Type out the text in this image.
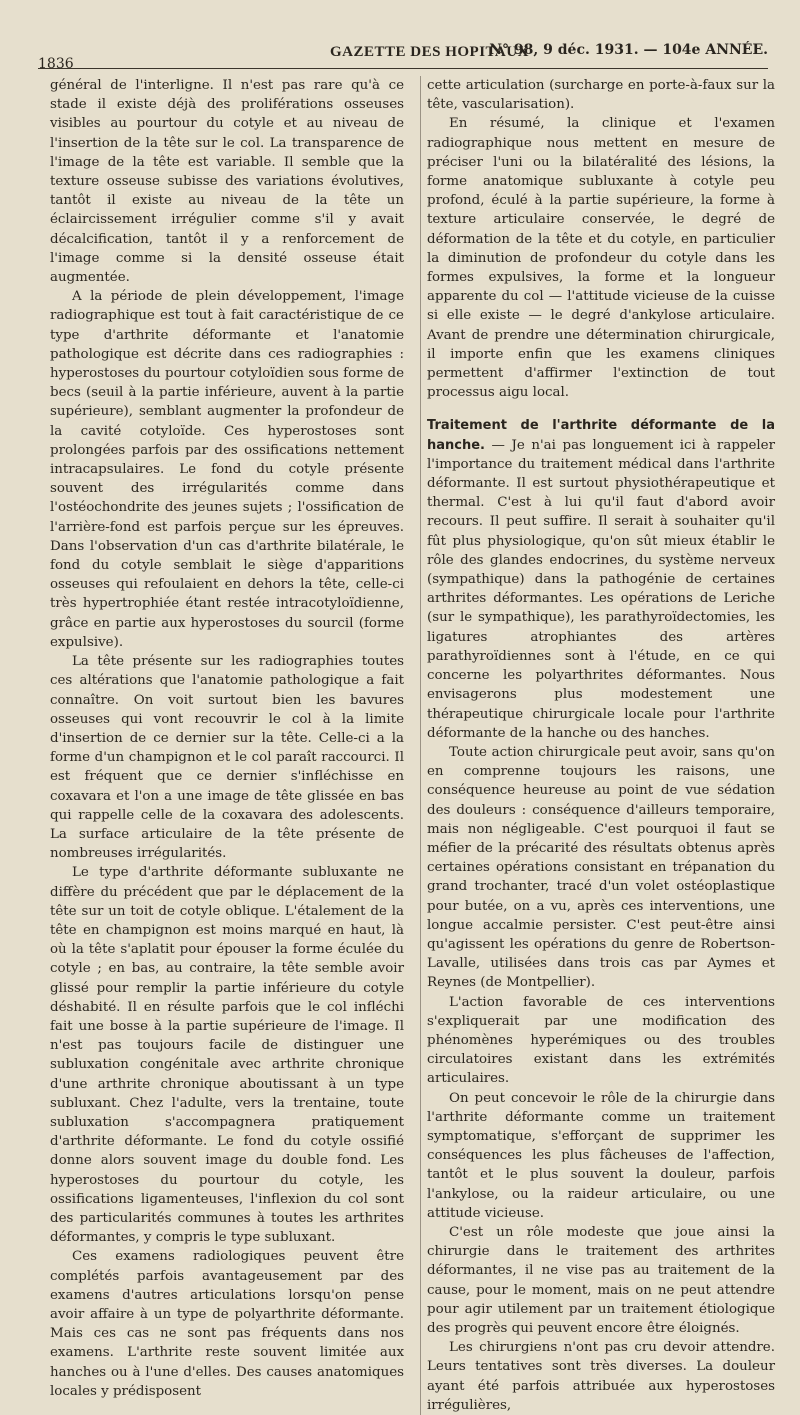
1836
GAZETTE DES HOPITAUX
N° 98, 9 déc. 1931. — 104e ANNÉE.

général de l'interligne. Il n'est pas rare qu'à ce stade il existe déjà des proliférations osseuses visibles au pourtour du cotyle et au niveau de l'insertion de la tête sur le col. La transparence de l'image de la tête est variable. Il semble que la texture osseuse subisse des variations évolutives, tantôt il existe au niveau de la tête un éclaircissement irrégulier comme s'il y avait décalcification, tantôt il y a renforcement de l'image comme si la densité osseuse était augmentée.

A la période de plein développement, l'image radiographique est tout à fait caractéristique de ce type d'arthrite déformante et l'anatomie pathologique est décrite dans ces radiographies : hyperostoses du pourtour cotyloïdien sous forme de becs (seuil à la partie inférieure, auvent à la partie supérieure), semblant augmenter la profondeur de la cavité cotyloïde. Ces hyperostoses sont prolongées parfois par des ossifications nettement intracapsulaires. Le fond du cotyle présente souvent des irrégularités comme dans l'ostéochondrite des jeunes sujets ; l'ossification de l'arrière-fond est parfois perçue sur les épreuves. Dans l'observation d'un cas d'arthrite bilatérale, le fond du cotyle semblait le siège d'apparitions osseuses qui refoulaient en dehors la tête, celle-ci très hypertrophiée étant restée intracotyloïdienne, grâce en partie aux hyperostoses du sourcil (forme expulsive).

La tête présente sur les radiographies toutes ces altérations que l'anatomie pathologique a fait connaître. On voit surtout bien les bavures osseuses qui vont recouvrir le col à la limite d'insertion de ce dernier sur la tête. Celle-ci a la forme d'un champignon et le col paraît raccourci. Il est fréquent que ce dernier s'infléchisse en coxavara et l'on a une image de tête glissée en bas qui rappelle celle de la coxavara des adolescents. La surface articulaire de la tête présente de nombreuses irrégularités.

Le type d'arthrite déformante subluxante ne diffère du précédent que par le déplacement de la tête sur un toit de cotyle oblique. L'étalement de la tête en champignon est moins marqué en haut, là où la tête s'aplatit pour épouser la forme éculée du cotyle ; en bas, au contraire, la tête semble avoir glissé pour remplir la partie inférieure du cotyle déshabité. Il en résulte parfois que le col infléchi fait une bosse à la partie supérieure de l'image. Il n'est pas toujours facile de distinguer une subluxation congénitale avec arthrite chronique d'une arthrite chronique aboutissant à un type subluxant. Chez l'adulte, vers la trentaine, toute subluxation s'accompagnera pratiquement d'arthrite déformante. Le fond du cotyle ossifié donne alors souvent image du double fond. Les hyperostoses du pourtour du cotyle, les ossifications ligamenteuses, l'inflexion du col sont des particularités communes à toutes les arthrites déformantes, y compris le type subluxant.

Ces examens radiologiques peuvent être complétés parfois avantageusement par des examens d'autres articulations lorsqu'on pense avoir affaire à un type de polyarthrite déformante. Mais ces cas ne sont pas fréquents dans nos examens. L'arthrite reste souvent limitée aux hanches ou à l'une d'elles. Des causes anatomiques locales y prédisposent

cette articulation (surcharge en porte-à-faux sur la tête, vascularisation).

En résumé, la clinique et l'examen radiographique nous mettent en mesure de préciser l'uni ou la bilatéralité des lésions, la forme anatomique subluxante à cotyle peu profond, éculé à la partie supérieure, la forme à texture articulaire conservée, le degré de déformation de la tête et du cotyle, en particulier la diminution de profondeur du cotyle dans les formes expulsives, la forme et la longueur apparente du col — l'attitude vicieuse de la cuisse si elle existe — le degré d'ankylose articulaire. Avant de prendre une détermination chirurgicale, il importe enfin que les examens cliniques permettent d'affirmer l'extinction de tout processus aigu local.

Traitement de l'arthrite déformante de la hanche. — Je n'ai pas longuement ici à rappeler l'importance du traitement médical dans l'arthrite déformante. Il est surtout physiothérapeutique et thermal. C'est à lui qu'il faut d'abord avoir recours. Il peut suffire. Il serait à souhaiter qu'il fût plus physiologique, qu'on sût mieux établir le rôle des glandes endocrines, du système nerveux (sympathique) dans la pathogénie de certaines arthrites déformantes. Les opérations de Leriche (sur le sympathique), les parathyroïdectomies, les ligatures atrophiantes des artères parathyroïdiennes sont à l'étude, en ce qui concerne les polyarthrites déformantes. Nous envisagerons plus modestement une thérapeutique chirurgicale locale pour l'arthrite déformante de la hanche ou des hanches.

Toute action chirurgicale peut avoir, sans qu'on en comprenne toujours les raisons, une conséquence heureuse au point de vue sédation des douleurs : conséquence d'ailleurs temporaire, mais non négligeable. C'est pourquoi il faut se méfier de la précarité des résultats obtenus après certaines opérations consistant en trépanation du grand trochanter, tracé d'un volet ostéoplastique pour butée, on a vu, après ces interventions, une longue accalmie persister. C'est peut-être ainsi qu'agissent les opérations du genre de Robertson-Lavalle, utilisées dans trois cas par Aymes et Reynes (de Montpellier).

L'action favorable de ces interventions s'expliquerait par une modification des phénomènes hyperémiques ou des troubles circulatoires existant dans les extrémités articulaires.

On peut concevoir le rôle de la chirurgie dans l'arthrite déformante comme un traitement symptomatique, s'efforçant de supprimer les conséquences les plus fâcheuses de l'affection, tantôt et le plus souvent la douleur, parfois l'ankylose, ou la raideur articulaire, ou une attitude vicieuse.

C'est un rôle modeste que joue ainsi la chirurgie dans le traitement des arthrites déformantes, il ne vise pas au traitement de la cause, pour le moment, mais on ne peut attendre pour agir utilement par un traitement étiologique des progrès qui peuvent encore être éloignés.

Les chirurgiens n'ont pas cru devoir attendre. Leurs tentatives sont très diverses. La douleur ayant été parfois attribuée aux hyperostoses irrégulières,
